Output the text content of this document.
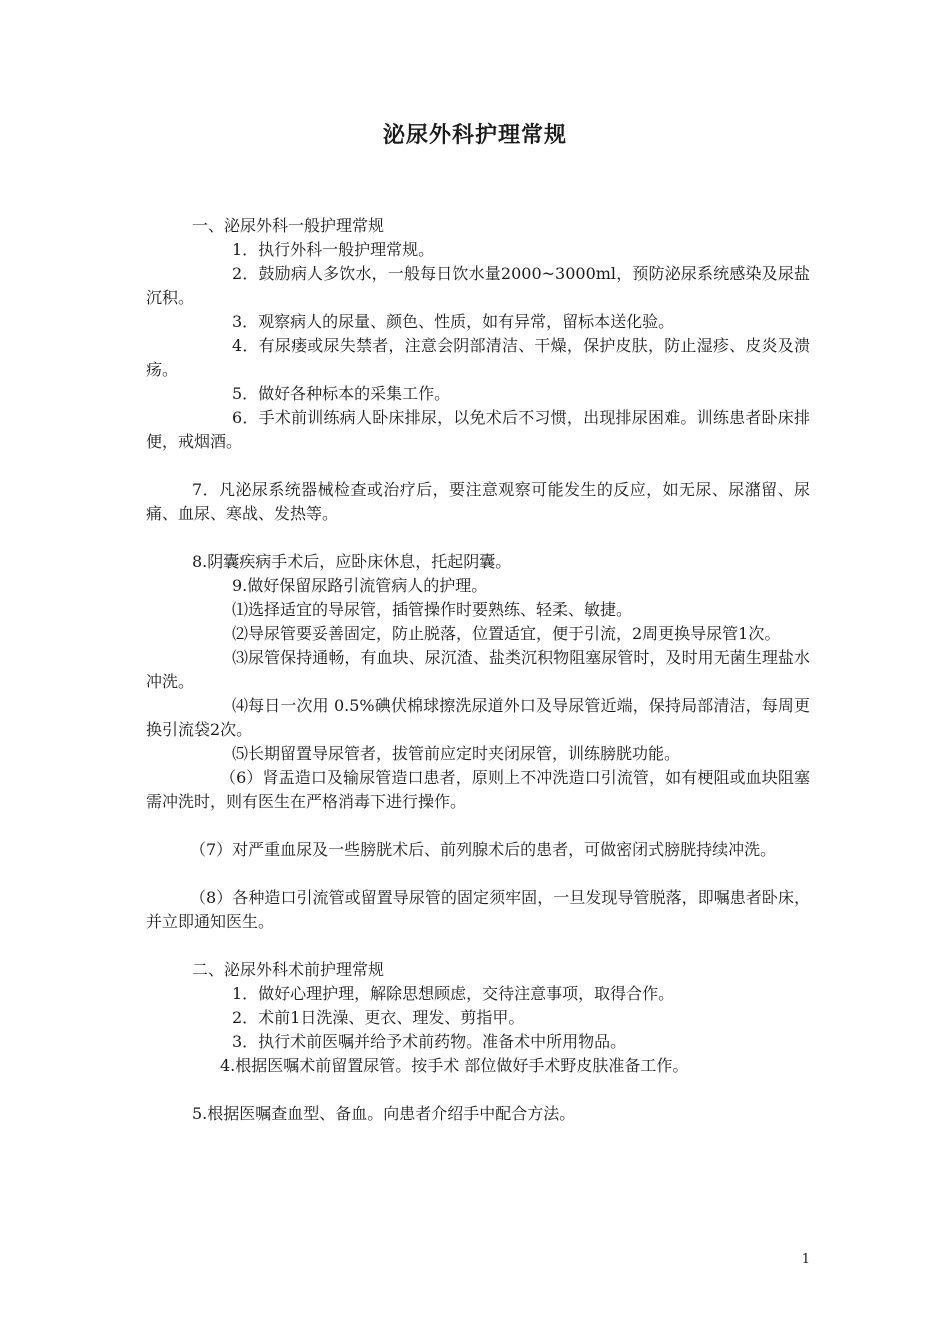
泌尿外科护理常规

一、泌尿外科一般护理常规

1．执行外科一般护理常规。

2．鼓励病人多饮水，一般每日饮水量2000~3000ml，预防泌尿系统感染及尿盐沉积。

3．观察病人的尿量、颜色、性质，如有异常，留标本送化验。

4．有尿瘘或尿失禁者，注意会阴部清洁、干燥，保护皮肤，防止湿疹、皮炎及溃疡。

5．做好各种标本的采集工作。

6．手术前训练病人卧床排尿，以免术后不习惯，出现排尿困难。训练患者卧床排便，戒烟酒。

7．凡泌尿系统器械检查或治疗后，要注意观察可能发生的反应，如无尿、尿潴留、尿痛、血尿、寒战、发热等。

8.阴囊疾病手术后，应卧床休息，托起阴囊。

9.做好保留尿路引流管病人的护理。

⑴选择适宜的导尿管，插管操作时要熟练、轻柔、敏捷。

⑵导尿管要妥善固定，防止脱落，位置适宜，便于引流，2周更换导尿管1次。

⑶尿管保持通畅，有血块、尿沉渣、盐类沉积物阻塞尿管时，及时用无菌生理盐水冲洗。

⑷每日一次用 0.5%碘伏棉球擦洗尿道外口及导尿管近端，保持局部清洁，每周更换引流袋2次。

⑸长期留置导尿管者，拔管前应定时夹闭尿管，训练膀胱功能。

（6）肾盂造口及输尿管造口患者，原则上不冲洗造口引流管，如有梗阻或血块阻塞需冲洗时，则有医生在严格消毒下进行操作。

（7）对严重血尿及一些膀胱术后、前列腺术后的患者，可做密闭式膀胱持续冲洗。

（8）各种造口引流管或留置导尿管的固定须牢固，一旦发现导管脱落，即嘱患者卧床，并立即通知医生。

二、泌尿外科术前护理常规

1．做好心理护理，解除思想顾虑，交待注意事项，取得合作。

2．术前1日洗澡、更衣、理发、剪指甲。

3．执行术前医嘱并给予术前药物。准备术中所用物品。

4.根据医嘱术前留置尿管。按手术 部位做好手术野皮肤准备工作。

5.根据医嘱查血型、备血。向患者介绍手中配合方法。

1
